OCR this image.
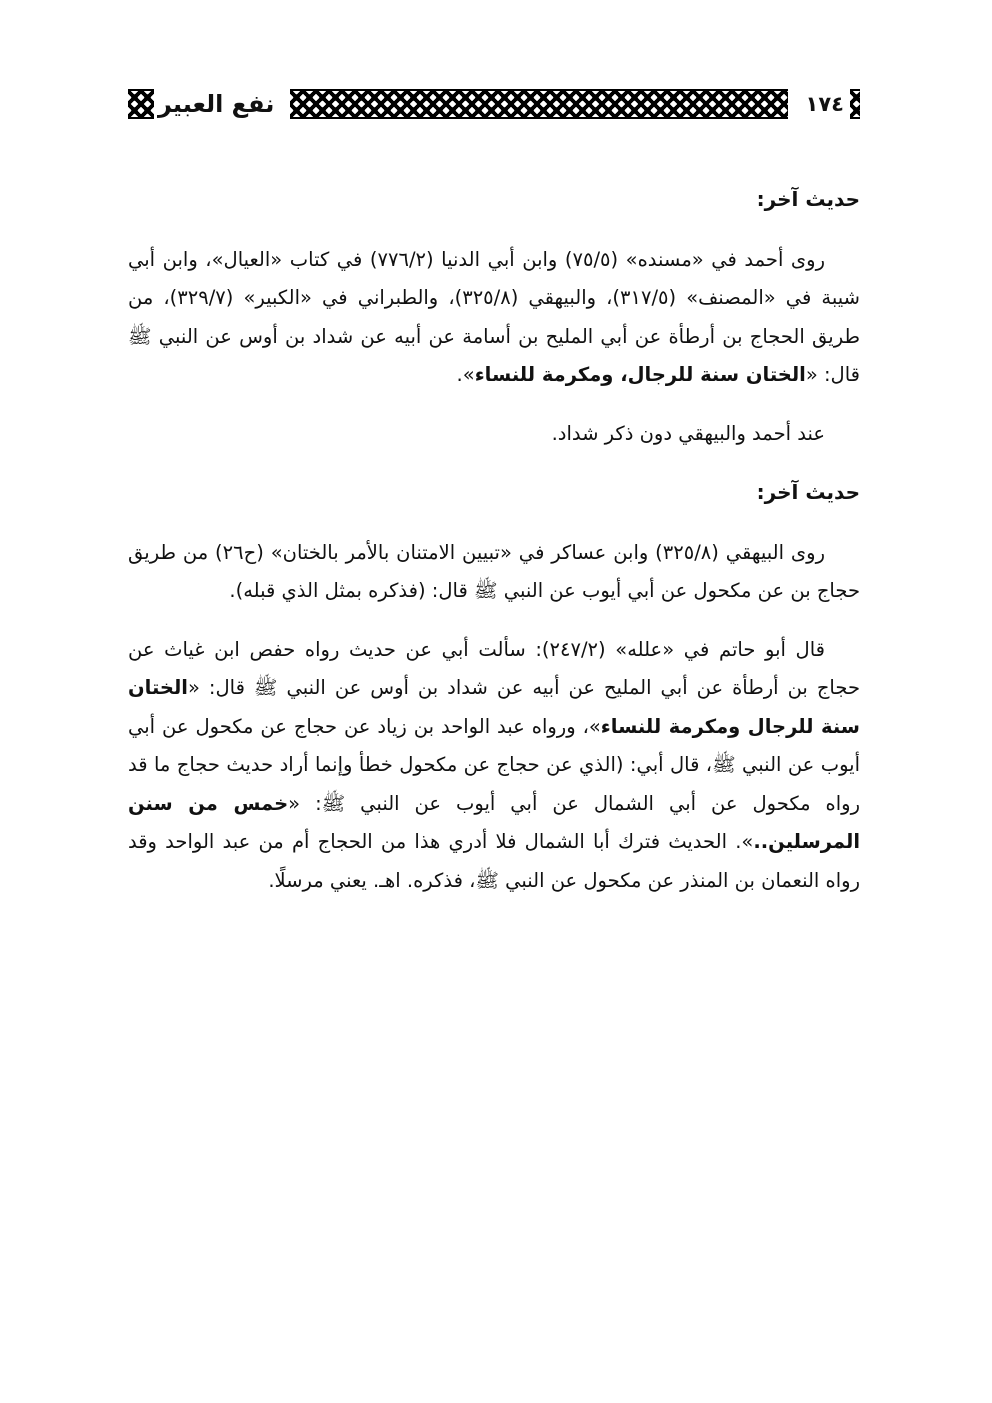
١٧٤
نفع العبير

حديث آخر:

روى أحمد في «مسنده» (٧٥/٥) وابن أبي الدنيا (٧٧٦/٢) في كتاب «العيال»، وابن أبي شيبة في «المصنف» (٣١٧/٥)، والبيهقي (٣٢٥/٨)، والطبراني في «الكبير» (٣٢٩/٧)، من طريق الحجاج بن أرطأة عن أبي المليح بن أسامة عن أبيه عن شداد بن أوس عن النبي ﷺ قال: «الختان سنة للرجال، ومكرمة للنساء».

عند أحمد والبيهقي دون ذكر شداد.

حديث آخر:

روى البيهقي (٣٢٥/٨) وابن عساكر في «تبيين الامتنان بالأمر بالختان» (ح٢٦) من طريق حجاج بن عن مكحول عن أبي أيوب عن النبي ﷺ قال: (فذكره بمثل الذي قبله).

قال أبو حاتم في «علله» (٢٤٧/٢): سألت أبي عن حديث رواه حفص ابن غياث عن حجاج بن أرطأة عن أبي المليح عن أبيه عن شداد بن أوس عن النبي ﷺ قال: «الختان سنة للرجال ومكرمة للنساء»، ورواه عبد الواحد بن زياد عن حجاج عن مكحول عن أبي أيوب عن النبي ﷺ، قال أبي: (الذي عن حجاج عن مكحول خطأ وإنما أراد حديث حجاج ما قد رواه مكحول عن أبي الشمال عن أبي أيوب عن النبي ﷺ: «خمس من سنن المرسلين..». الحديث فترك أبا الشمال فلا أدري هذا من الحجاج أم من عبد الواحد وقد رواه النعمان بن المنذر عن مكحول عن النبي ﷺ، فذكره. اهـ. يعني مرسلًا.
